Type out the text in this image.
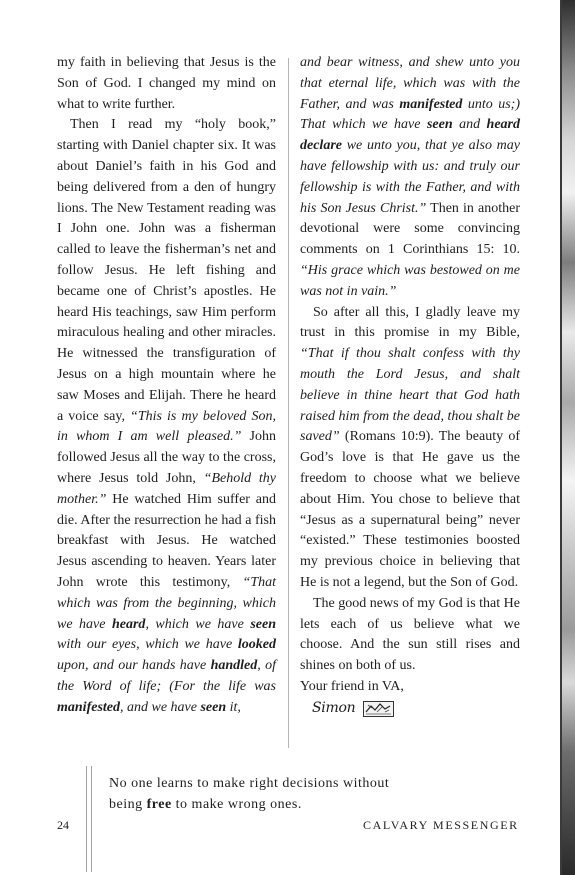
my faith in believing that Jesus is the Son of God. I changed my mind on what to write further.

Then I read my “holy book,” starting with Daniel chapter six. It was about Daniel’s faith in his God and being delivered from a den of hungry lions. The New Testament reading was I John one. John was a fisherman called to leave the fisherman’s net and follow Jesus. He left fishing and became one of Christ’s apostles. He heard His teachings, saw Him perform miraculous healing and other miracles. He witnessed the transfiguration of Jesus on a high mountain where he saw Moses and Elijah. There he heard a voice say, “This is my beloved Son, in whom I am well pleased.” John followed Jesus all the way to the cross, where Jesus told John, “Behold thy mother.” He watched Him suffer and die. After the resurrection he had a fish breakfast with Jesus. He watched Jesus ascending to heaven. Years later John wrote this testimony, “That which was from the beginning, which we have heard, which we have seen with our eyes, which we have looked upon, and our hands have handled, of the Word of life; (For the life was manifested, and we have seen it,

and bear witness, and shew unto you that eternal life, which was with the Father, and was manifested unto us;) That which we have seen and heard declare we unto you, that ye also may have fellowship with us: and truly our fellowship is with the Father, and with his Son Jesus Christ.” Then in another devotional were some convincing comments on 1 Corinthians 15: 10. “His grace which was bestowed on me was not in vain.”

So after all this, I gladly leave my trust in this promise in my Bible, “That if thou shalt confess with thy mouth the Lord Jesus, and shalt believe in thine heart that God hath raised him from the dead, thou shalt be saved” (Romans 10:9). The beauty of God’s love is that He gave us the freedom to choose what we believe about Him. You chose to believe that “Jesus as a supernatural being” never “existed.” These testimonies boosted my previous choice in believing that He is not a legend, but the Son of God.

The good news of my God is that He lets each of us believe what we choose. And the sun still rises and shines on both of us.

Your friend in VA,

Simon

No one learns to make right decisions without

being free to make wrong ones.

24	CALVARY MESSENGER
